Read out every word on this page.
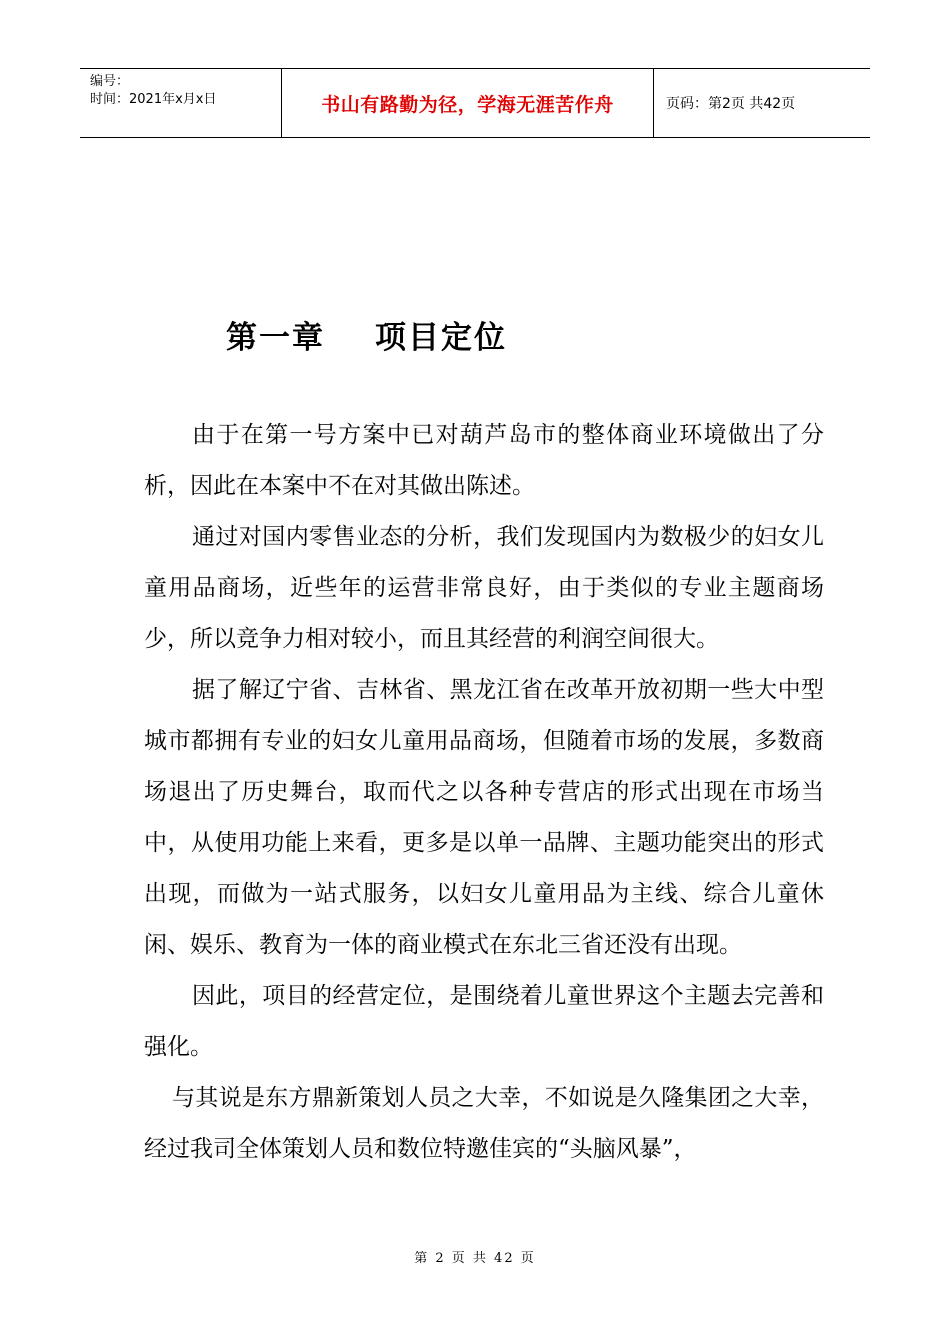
编号：
时间：2021年x月x日	书山有路勤为径，学海无涯苦作舟	页码：第2页 共42页
第一章 项目定位

由于在第一号方案中已对葫芦岛市的整体商业环境做出了分析，因此在本案中不在对其做出陈述。

通过对国内零售业态的分析，我们发现国内为数极少的妇女儿童用品商场，近些年的运营非常良好，由于类似的专业主题商场少，所以竞争力相对较小，而且其经营的利润空间很大。

据了解辽宁省、吉林省、黑龙江省在改革开放初期一些大中型城市都拥有专业的妇女儿童用品商场，但随着市场的发展，多数商场退出了历史舞台，取而代之以各种专营店的形式出现在市场当中，从使用功能上来看，更多是以单一品牌、主题功能突出的形式出现，而做为一站式服务，以妇女儿童用品为主线、综合儿童休闲、娱乐、教育为一体的商业模式在东北三省还没有出现。

因此，项目的经营定位，是围绕着儿童世界这个主题去完善和强化。

与其说是东方鼎新策划人员之大幸，不如说是久隆集团之大幸，经过我司全体策划人员和数位特邀佳宾的“头脑风暴”，

第 2 页 共 42 页
